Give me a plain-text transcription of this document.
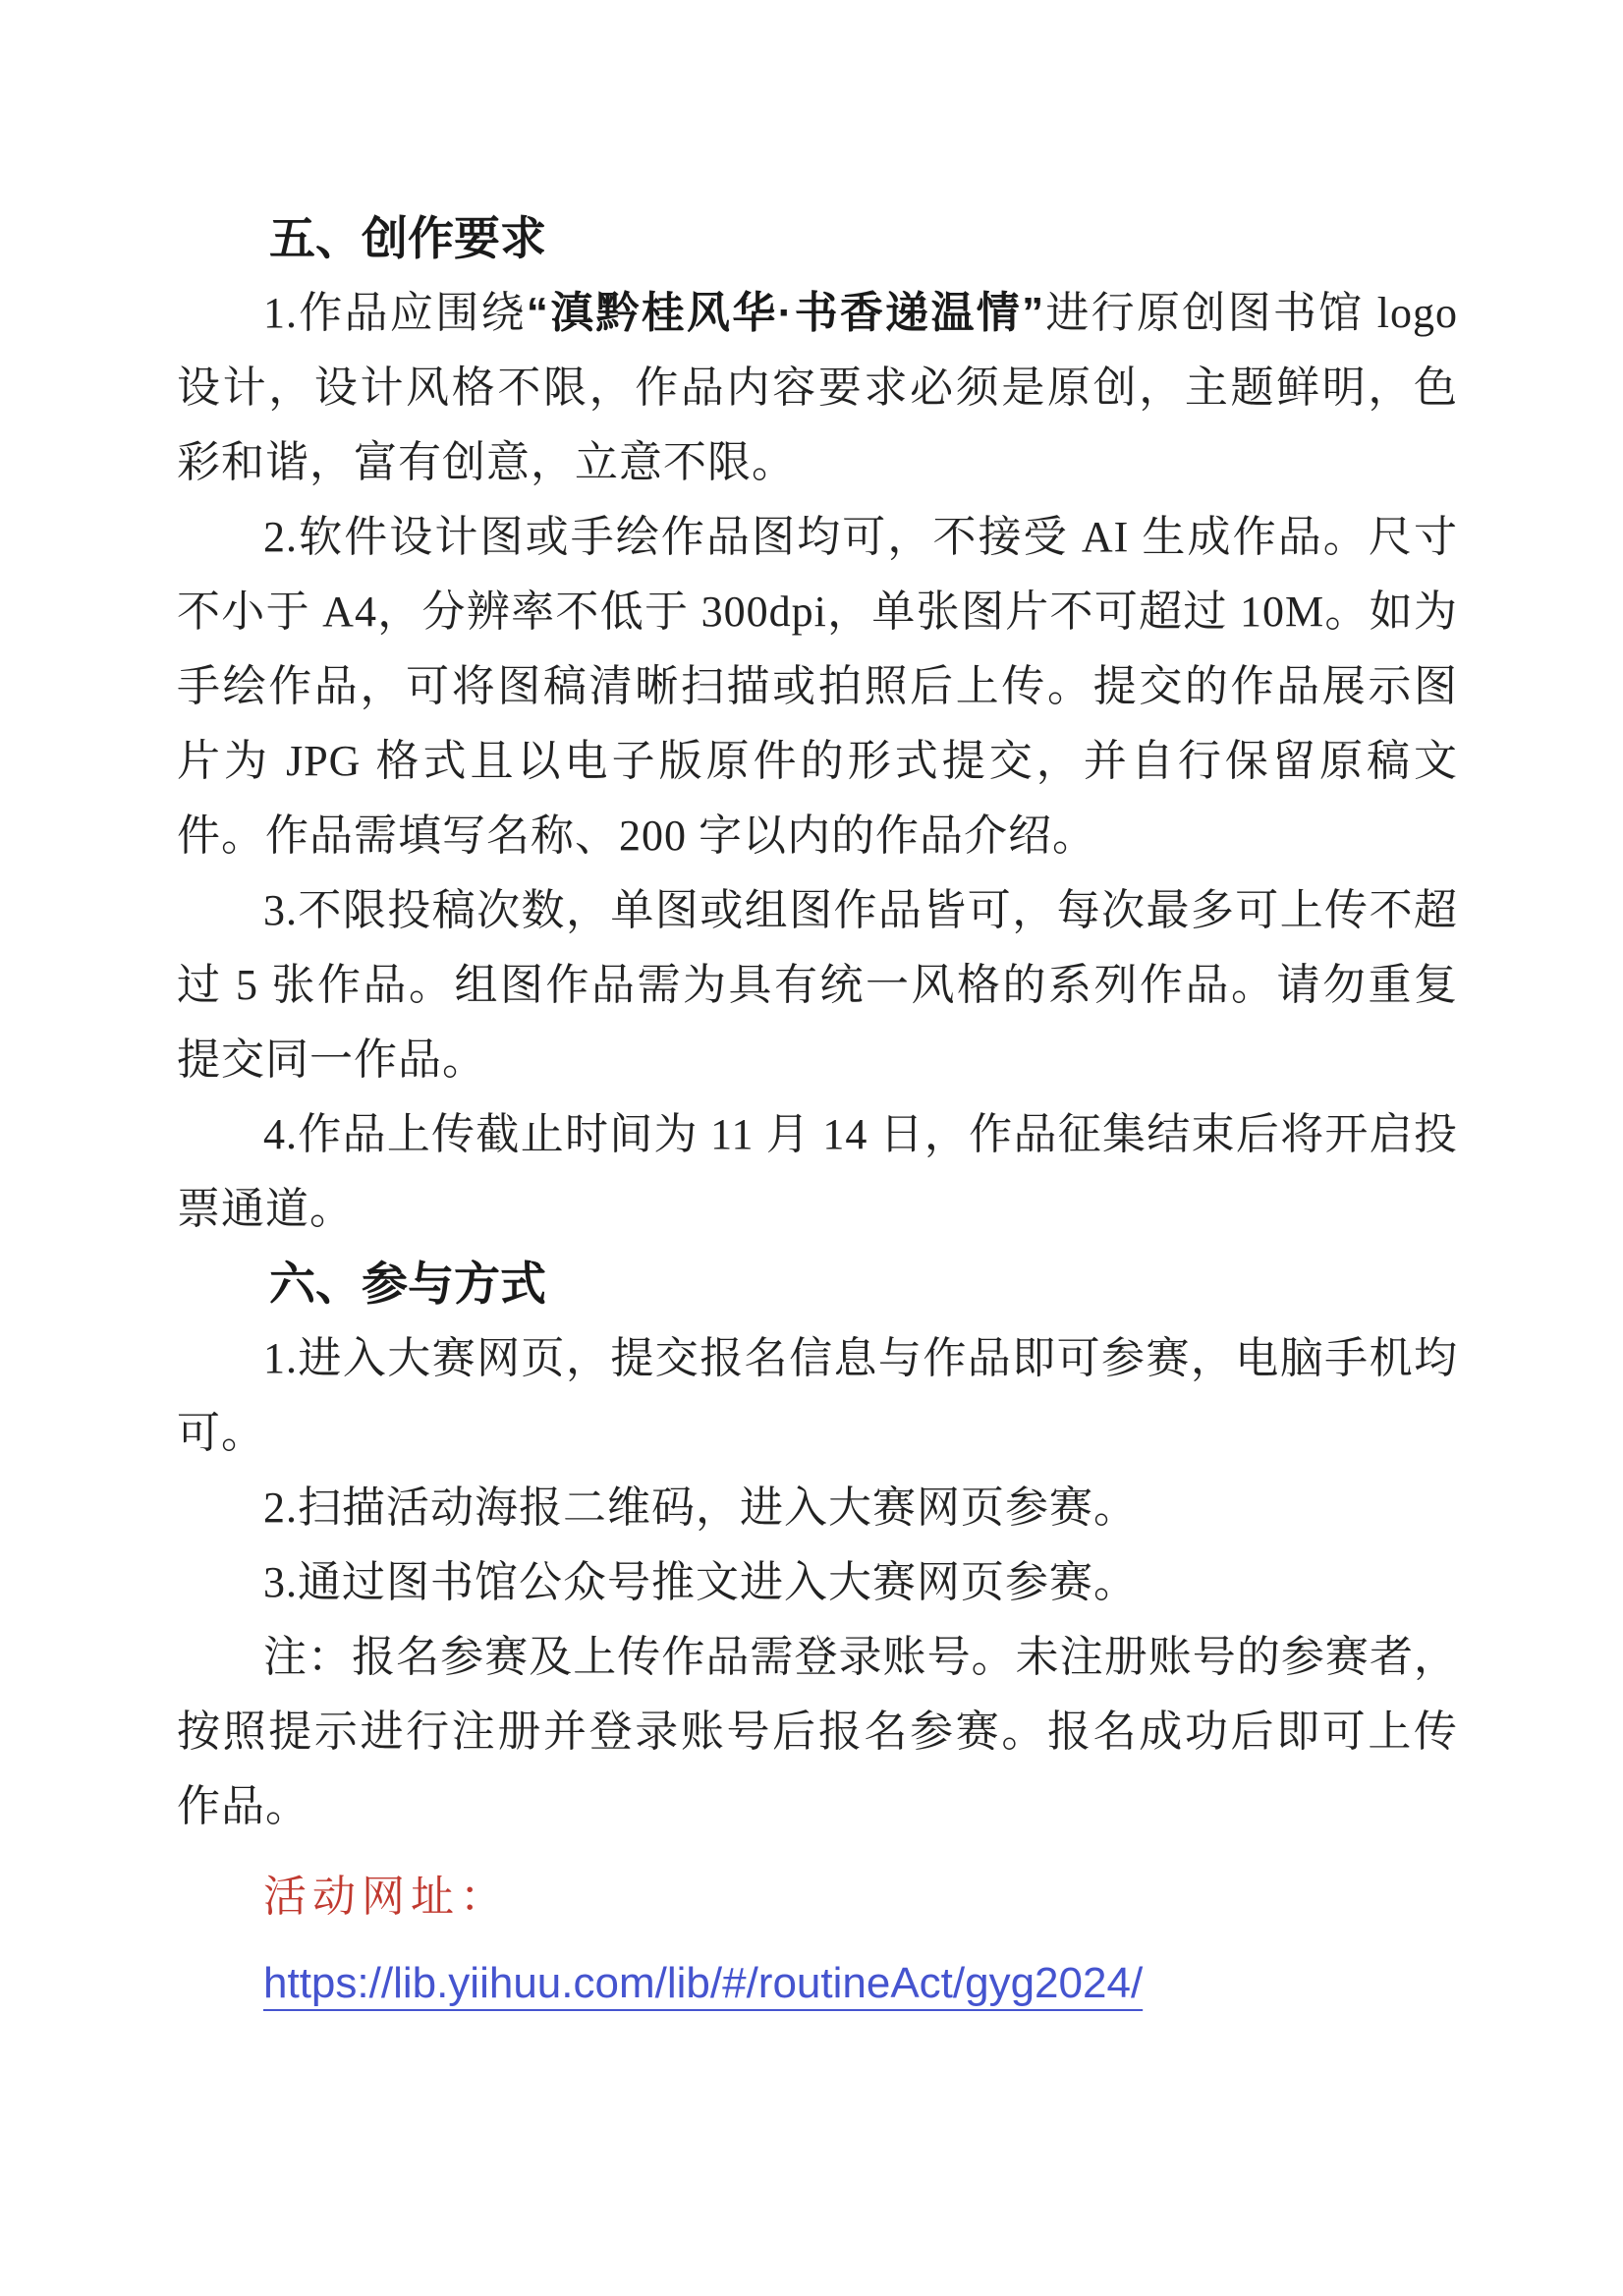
五、创作要求

1.作品应围绕“滇黔桂风华·书香递温情”进行原创图书馆 logo 设计，设计风格不限，作品内容要求必须是原创，主题鲜明，色彩和谐，富有创意，立意不限。

2.软件设计图或手绘作品图均可，不接受 AI 生成作品。尺寸不小于 A4，分辨率不低于 300dpi，单张图片不可超过 10M。如为手绘作品，可将图稿清晰扫描或拍照后上传。提交的作品展示图片为 JPG 格式且以电子版原件的形式提交，并自行保留原稿文件。作品需填写名称、200 字以内的作品介绍。

3.不限投稿次数，单图或组图作品皆可，每次最多可上传不超过 5 张作品。组图作品需为具有统一风格的系列作品。请勿重复提交同一作品。

4.作品上传截止时间为 11 月 14 日，作品征集结束后将开启投票通道。

六、参与方式

1.进入大赛网页，提交报名信息与作品即可参赛，电脑手机均可。

2.扫描活动海报二维码，进入大赛网页参赛。

3.通过图书馆公众号推文进入大赛网页参赛。

注：报名参赛及上传作品需登录账号。未注册账号的参赛者，按照提示进行注册并登录账号后报名参赛。报名成功后即可上传作品。

活动网址：

https://lib.yiihuu.com/lib/#/routineAct/gyg2024/
